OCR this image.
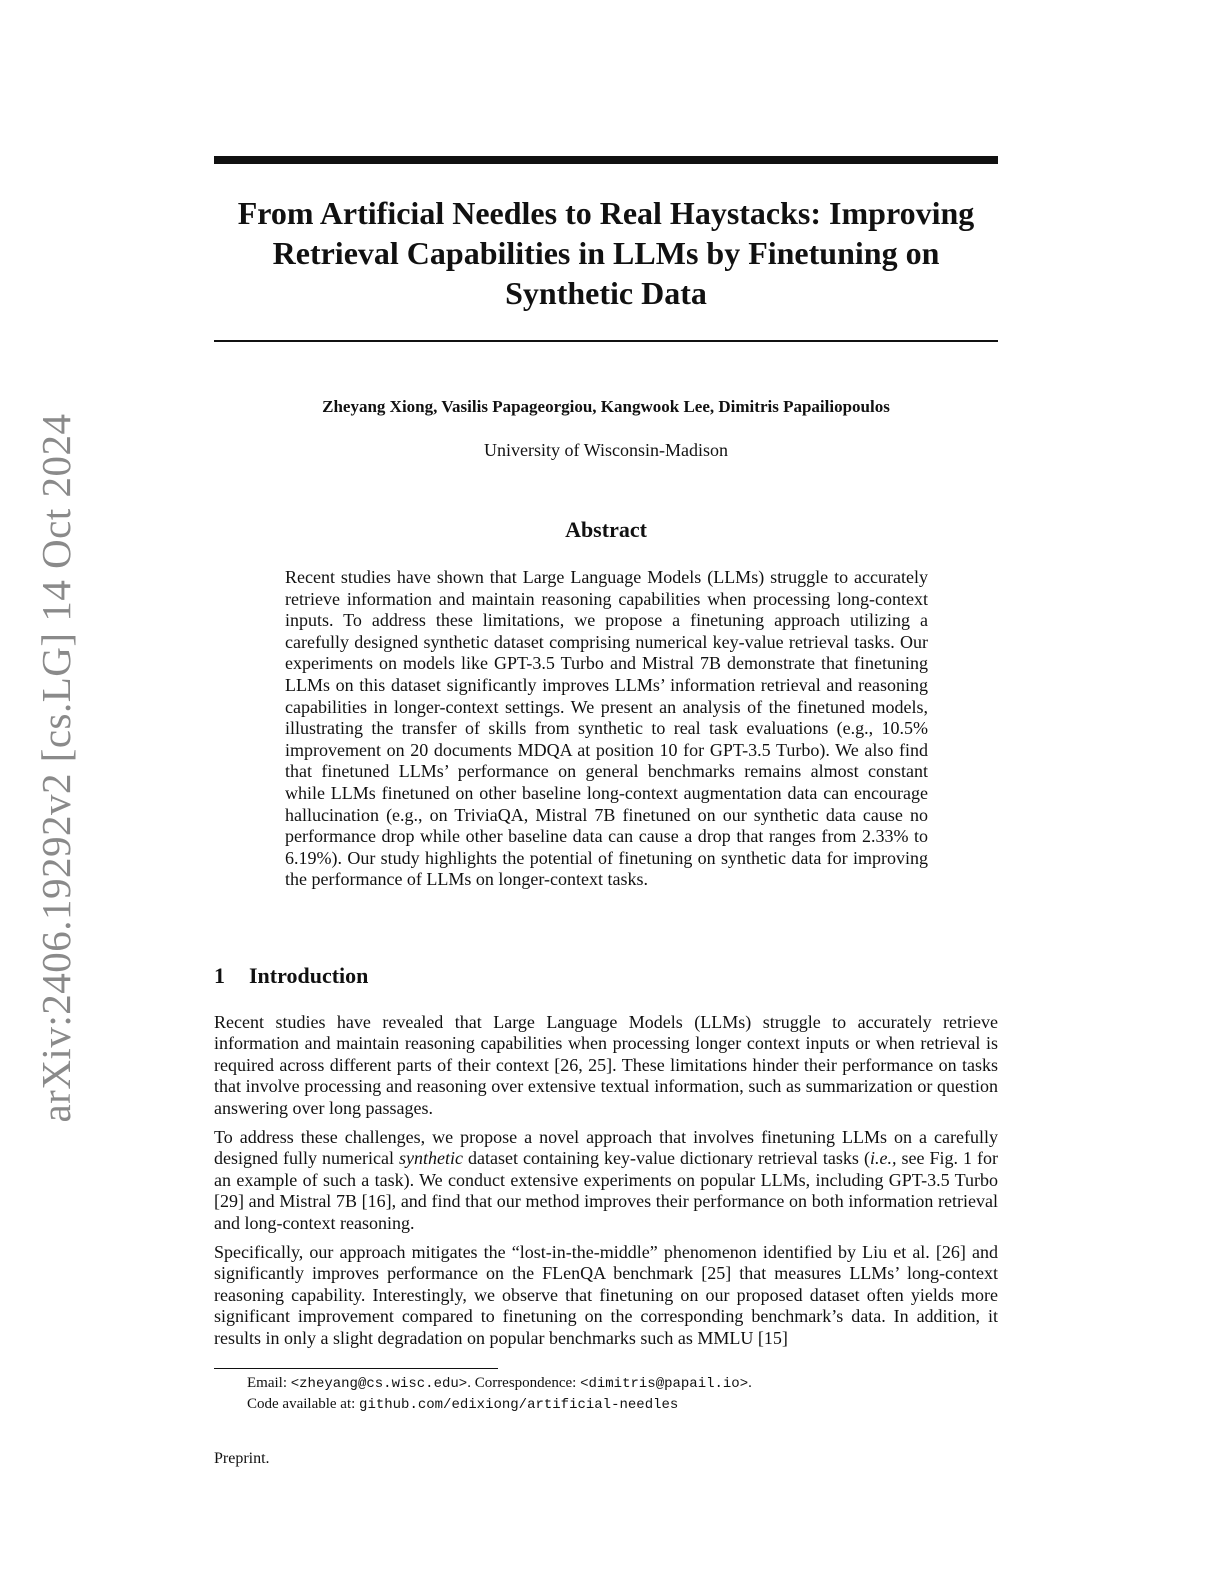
arXiv:2406.19292v2 [cs.LG] 14 Oct 2024
From Artificial Needles to Real Haystacks: Improving
Retrieval Capabilities in LLMs by Finetuning on
Synthetic Data
Zheyang Xiong, Vasilis Papageorgiou, Kangwook Lee, Dimitris Papailiopoulos
University of Wisconsin-Madison
Abstract

Recent studies have shown that Large Language Models (LLMs) struggle to accurately retrieve information and maintain reasoning capabilities when processing long-context inputs. To address these limitations, we propose a finetuning approach utilizing a carefully designed synthetic dataset comprising numerical key-value retrieval tasks. Our experiments on models like GPT-3.5 Turbo and Mistral 7B demonstrate that finetuning LLMs on this dataset significantly improves LLMs’ information retrieval and reasoning capabilities in longer-context settings. We present an analysis of the finetuned models, illustrating the transfer of skills from synthetic to real task evaluations (e.g., 10.5% improvement on 20 documents MDQA at position 10 for GPT-3.5 Turbo). We also find that finetuned LLMs’ performance on general benchmarks remains almost constant while LLMs finetuned on other baseline long-context augmentation data can encourage hallucination (e.g., on TriviaQA, Mistral 7B finetuned on our synthetic data cause no performance drop while other baseline data can cause a drop that ranges from 2.33% to 6.19%). Our study highlights the potential of finetuning on synthetic data for improving the performance of LLMs on longer-context tasks.

1 Introduction

Recent studies have revealed that Large Language Models (LLMs) struggle to accurately retrieve information and maintain reasoning capabilities when processing longer context inputs or when retrieval is required across different parts of their context [26, 25]. These limitations hinder their performance on tasks that involve processing and reasoning over extensive textual information, such as summarization or question answering over long passages.

To address these challenges, we propose a novel approach that involves finetuning LLMs on a carefully designed fully numerical synthetic dataset containing key-value dictionary retrieval tasks (i.e., see Fig. 1 for an example of such a task). We conduct extensive experiments on popular LLMs, including GPT-3.5 Turbo [29] and Mistral 7B [16], and find that our method improves their performance on both information retrieval and long-context reasoning.

Specifically, our approach mitigates the “lost-in-the-middle” phenomenon identified by Liu et al. [26] and significantly improves performance on the FLenQA benchmark [25] that measures LLMs’ long-context reasoning capability. Interestingly, we observe that finetuning on our proposed dataset often yields more significant improvement compared to finetuning on the corresponding benchmark’s data. In addition, it results in only a slight degradation on popular benchmarks such as MMLU [15]

Email: <zheyang@cs.wisc.edu>. Correspondence: <dimitris@papail.io>.
Code available at: github.com/edixiong/artificial-needles
Preprint.
